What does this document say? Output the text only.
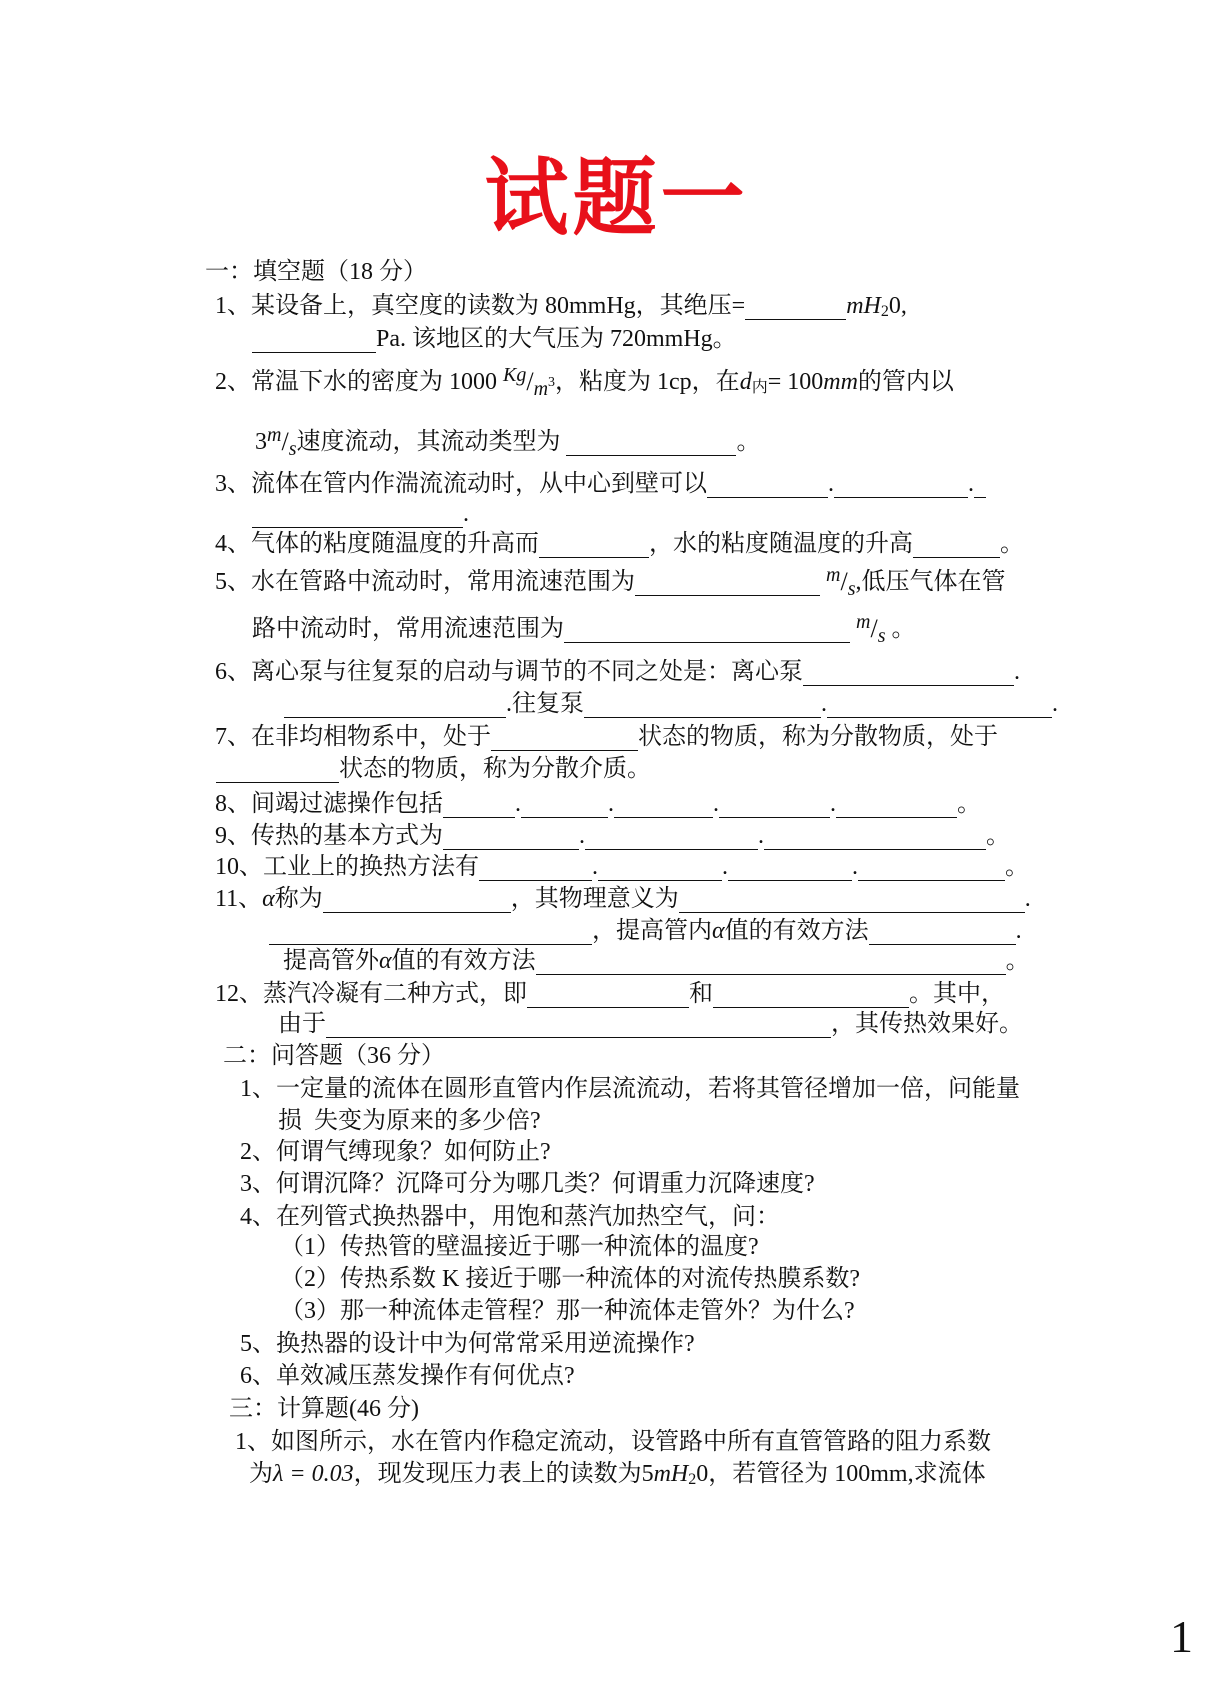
试题一
一：填空题（18 分）
1、某设备上，真空度的读数为 80mmHg，其绝压=	mH20,
Pa. 该地区的大气压为 720mmHg。
2、常温下水的密度为 1000 $Kg/m^3$，粘度为 1cp，在d内= 100mm的管内以
3m/s速度流动，其流动类型为	。
3、流体在管内作湍流流动时，从中心到壁可以	.	.
.
4、气体的粘度随温度的升高而	，水的粘度随温度的升高	。
5、水在管路中流动时，常用流速范围为	m/s,低压气体在管
路中流动时，常用流速范围为	m/s 。
6、离心泵与往复泵的启动与调节的不同之处是：离心泵	.
.往复泵	.	.
7、在非均相物系中，处于	状态的物质，称为分散物质，处于
状态的物质，称为分散介质。
8、间竭过滤操作包括	.	.	.	.	。
9、传热的基本方式为	.	.	。
10、工业上的换热方法有	.	.	.	。
11、α称为	，其物理意义为	.
，提高管内α值的有效方法	.
提高管外α值的有效方法	。
12、蒸汽冷凝有二种方式，即	和	。其中，
由于	，其传热效果好。
二：问答题（36 分）
1、一定量的流体在圆形直管内作层流流动，若将其管径增加一倍，问能量
损  失变为原来的多少倍?
2、何谓气缚现象？如何防止?
3、何谓沉降？沉降可分为哪几类？何谓重力沉降速度?
4、在列管式换热器中，用饱和蒸汽加热空气，问：
（1）传热管的壁温接近于哪一种流体的温度?
（2）传热系数 K 接近于哪一种流体的对流传热膜系数?
（3）那一种流体走管程？那一种流体走管外？为什么?
5、换热器的设计中为何常常采用逆流操作?
6、单效减压蒸发操作有何优点?
三：计算题(46 分)
1、如图所示，水在管内作稳定流动，设管路中所有直管管路的阻力系数
为λ = 0.03，现发现压力表上的读数为5mH20，若管径为 100mm,求流体
1
